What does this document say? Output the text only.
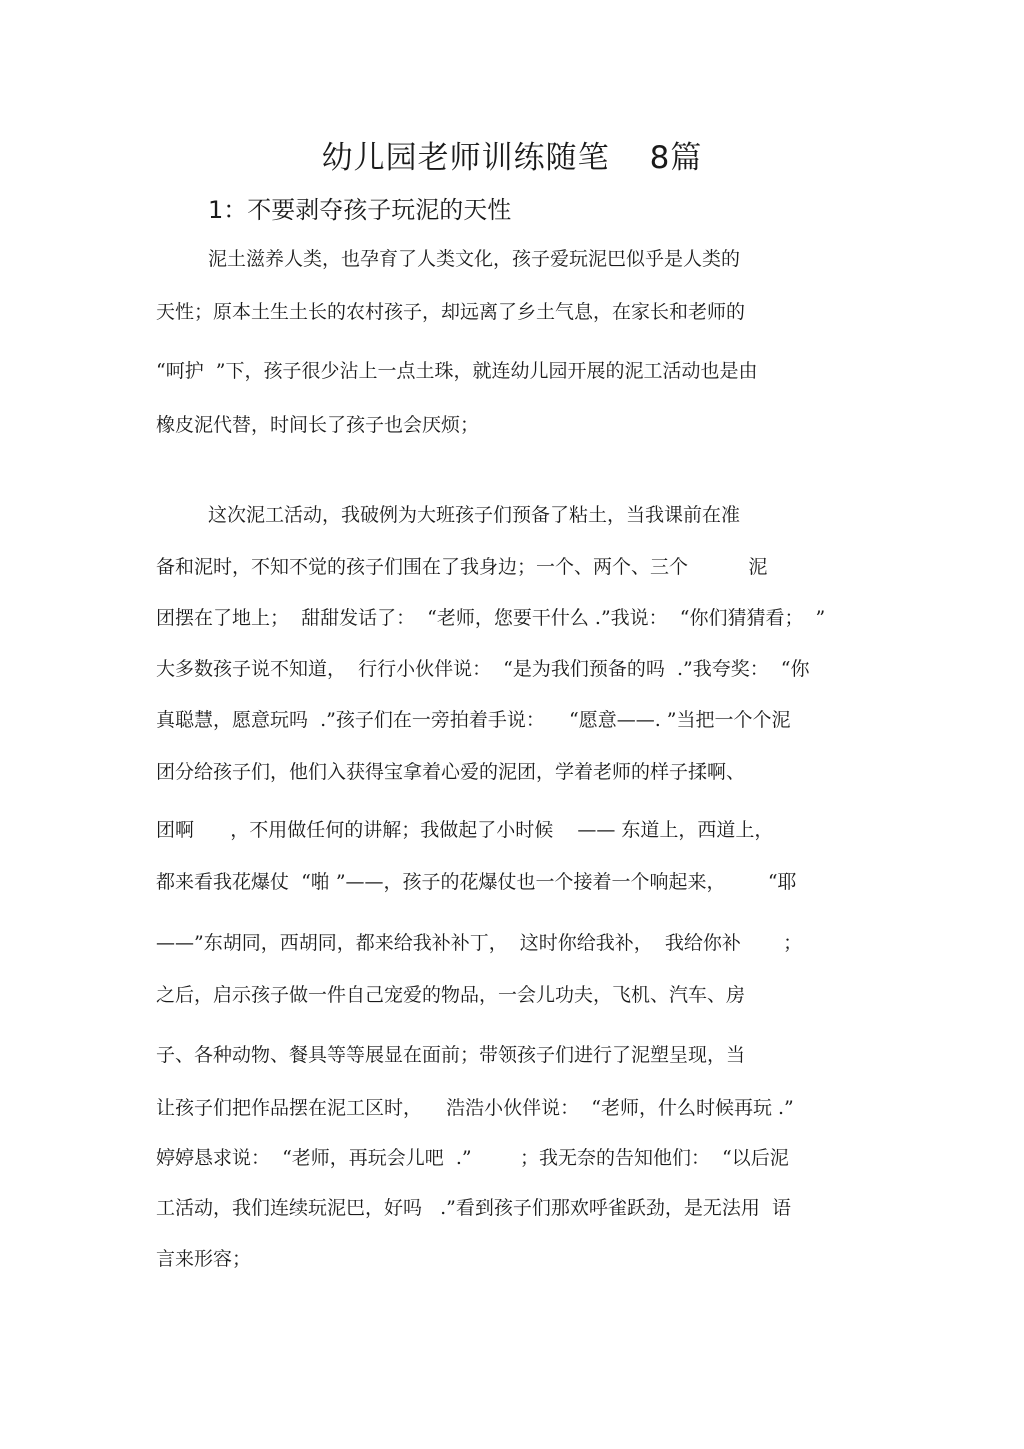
幼儿园老师训练随笔 8篇
1：不要剥夺孩子玩泥的天性
泥土滋养人类，也孕育了人类文化，孩子爱玩泥巴似乎是人类的
天性；原本土生土长的农村孩子，却远离了乡土气息，在家长和老师的
“呵护  ”下，孩子很少沾上一点土珠，就连幼儿园开展的泥工活动也是由
橡皮泥代替，时间长了孩子也会厌烦；
这次泥工活动，我破例为大班孩子们预备了粘土，当我课前在准
备和泥时，不知不觉的孩子们围在了我身边；一个、两个、三个          泥
团摆在了地上；  甜甜发话了：  “老师，您要干什么 .”我说：  “你们猜猜看；  ”
大多数孩子说不知道，  行行小伙伴说：  “是为我们预备的吗  .”我夸奖：  “你
真聪慧，愿意玩吗  .”孩子们在一旁拍着手说：    “愿意——. ”当把一个个泥
团分给孩子们，他们入获得宝拿着心爱的泥团，学着老师的样子揉啊、
团啊      ，不用做任何的讲解；我做起了小时候    —— 东道上，西道上，
都来看我花爆仗  “啪 ”——，孩子的花爆仗也一个接着一个响起来，       “耶
——”东胡同，西胡同，都来给我补补丁，  这时你给我补，  我给你补       ；
之后，启示孩子做一件自己宠爱的物品，一会儿功夫，飞机、汽车、房
子、各种动物、餐具等等展显在面前；带领孩子们进行了泥塑呈现，当
让孩子们把作品摆在泥工区时，    浩浩小伙伴说：  “老师，什么时候再玩 .”
婷婷恳求说：  “老师，再玩会儿吧  .”        ；我无奈的告知他们：  “以后泥
工活动，我们连续玩泥巴，好吗   .”看到孩子们那欢呼雀跃劲，是无法用  语
言来形容；
